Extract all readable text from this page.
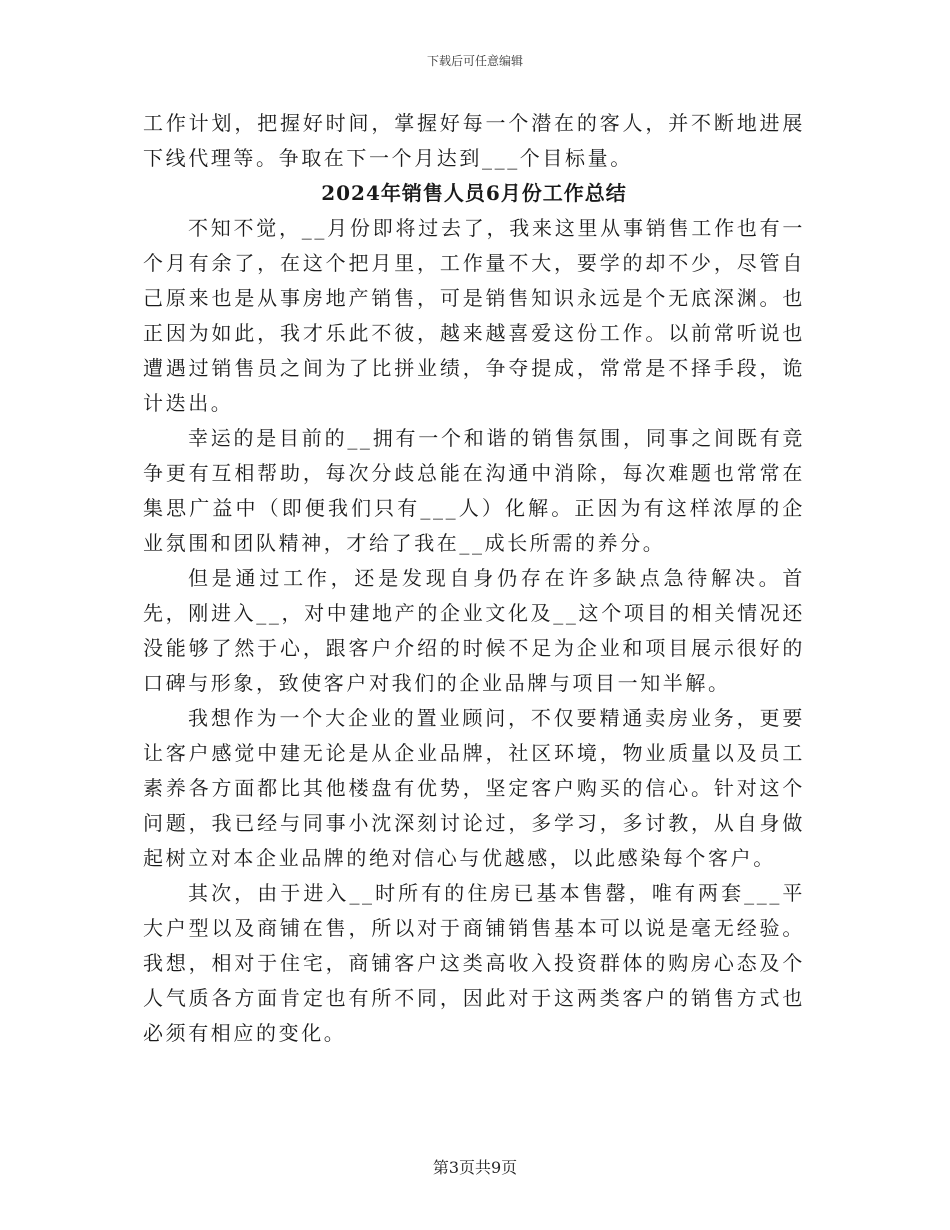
下载后可任意编辑

工作计划，把握好时间，掌握好每一个潜在的客人，并不断地进展下线代理等。争取在下一个月达到___个目标量。

2024年销售人员6月份工作总结

不知不觉，__月份即将过去了，我来这里从事销售工作也有一个月有余了，在这个把月里，工作量不大，要学的却不少，尽管自己原来也是从事房地产销售，可是销售知识永远是个无底深渊。也正因为如此，我才乐此不彼，越来越喜爱这份工作。以前常听说也遭遇过销售员之间为了比拼业绩，争夺提成，常常是不择手段，诡计迭出。

幸运的是目前的__拥有一个和谐的销售氛围，同事之间既有竞争更有互相帮助，每次分歧总能在沟通中消除，每次难题也常常在集思广益中（即便我们只有___人）化解。正因为有这样浓厚的企业氛围和团队精神，才给了我在__成长所需的养分。

但是通过工作，还是发现自身仍存在许多缺点急待解决。首先，刚进入__，对中建地产的企业文化及__这个项目的相关情况还没能够了然于心，跟客户介绍的时候不足为企业和项目展示很好的口碑与形象，致使客户对我们的企业品牌与项目一知半解。

我想作为一个大企业的置业顾问，不仅要精通卖房业务，更要让客户感觉中建无论是从企业品牌，社区环境，物业质量以及员工素养各方面都比其他楼盘有优势，坚定客户购买的信心。针对这个问题，我已经与同事小沈深刻讨论过，多学习，多讨教，从自身做起树立对本企业品牌的绝对信心与优越感，以此感染每个客户。

其次，由于进入__时所有的住房已基本售罄，唯有两套___平大户型以及商铺在售，所以对于商铺销售基本可以说是毫无经验。我想，相对于住宅，商铺客户这类高收入投资群体的购房心态及个人气质各方面肯定也有所不同，因此对于这两类客户的销售方式也必须有相应的变化。

第3页共9页
